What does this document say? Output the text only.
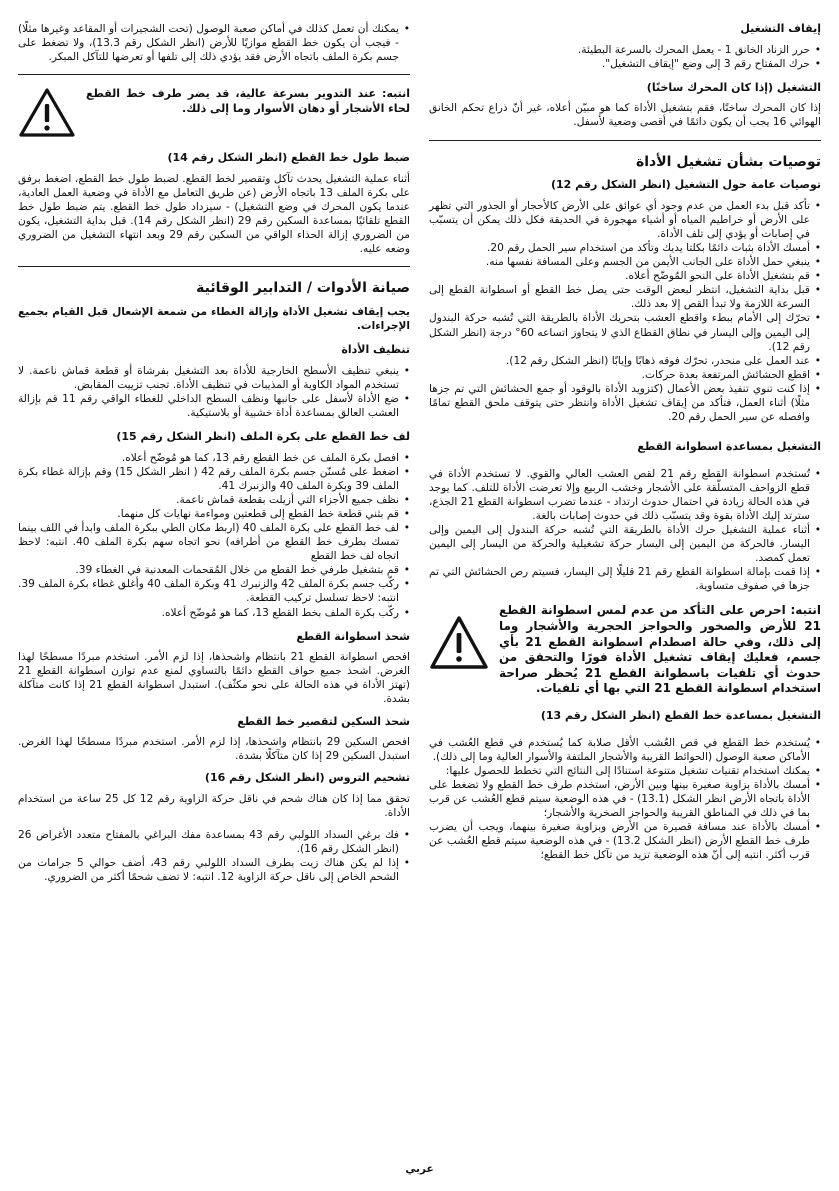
إيقاف التشغيل
• حرر الزناد الخانق 1 - يعمل المحرك بالسرعة البطيئة.
• حرك المفتاح رقم 3 إلى وضع "إيقاف التشغيل".
التشغيل (إذا كان المحرك ساخنًا)

إذا كان المحرك ساخنًا، فقم بتشغيل الأداة كما هو مبيّن أعلاه، غير أنّ ذراع تحكم الخانق الهوائي 16 يجب أن يكون دائمًا في أقصى وضعية لأسفل.

توصيات بشأن تشغيل الأداة
توصيات عامة حول التشغيل (انظر الشكل رقم 12)
• تأكد قبل بدء العمل من عدم وجود أي عوائق على الأرض كالأحجار أو الجذور التي تظهر على الأرض أو خراطيم المياه أو أشياء مهجورة في الحديقة فكل ذلك يمكن أن يتسبّب في إصابات أو يؤدي إلى تلف الأداة.
• أمسك الأداة بثبات دائمًا بكلتا يديك وتأكد من استخدام سير الحمل رقم 20.
• ينبغي حمل الأداة على الجانب الأيمن من الجسم وعلى المسافة نفسها منه.
• قم بتشغيل الأداة على النحو المُوضّح أعلاه.
• قبل بداية التشغيل، انتظر لبعض الوقت حتى يصل خط القطع أو اسطوانة القطع إلى السرعة اللازمة ولا تبدأ القص إلا بعد ذلك.
• تحرّك إلى الأمام ببطء واقطع العشب بتحريك الأداة بالطريقة التي تُشبه حركة البندول إلى اليمين وإلى اليسار في نطاق القطاع الذي لا يتجاوز اتساعه 60° درجة (انظر الشكل رقم 12).
• عند العمل على منحدر، تحرّك فوقه ذهابًا وإيابًا (انظر الشكل رقم 12).
• اقطع الحشائش المرتفعة بعدة حركات.
• إذا كنت تنوي تنفيذ بعض الأعمال (كتزويد الأداة بالوقود أو جمع الحشائش التي تم جزها مثلًا) أثناء العمل، فتأكد من إيقاف تشغيل الأداة وانتظر حتى يتوقف ملحق القطع تمامًا وافصله عن سير الحمل رقم 20.
التشغيل بمساعدة اسطوانة القطع
• تُستخدم اسطوانة القطع رقم 21 لقص العشب العالي والقوي. لا تستخدم الأداة في قطع الزواحف المتسلّقة على الأشجار وخشب الربيع وإلا تعرضت الأداة للتلف. كما يوجد في هذه الحالة زيادة في احتمال حدوث ارتداد - عندما تضرب اسطوانة القطع 21 الجذع، سترتد إليك الأداة بقوة وقد يتسبّب ذلك في حدوث إصابات بالغة.
• أثناء عملية التشغيل حرك الأداة بالطريقة التي تُشبه حركة البندول إلى اليمين وإلى اليسار. فالحركة من اليمين إلى اليسار حركة تشغيلية والحركة من اليسار إلى اليمين تعمل كمصد.
• إذا قمت بإمالة اسطوانة القطع رقم 21 قليلًا إلى اليسار، فسيتم رص الحشائش التي تم جزها في صفوف متساوية.

انتبه: احرص على التأكد من عدم لمس اسطوانة القطع 21 للأرض والصخور والحواجز الحجرية والأشجار وما إلى ذلك، وفي حالة اصطدام اسطوانة القطع 21 بأي جسم، فعليك إيقاف تشغيل الأداة فورًا والتحقق من حدوث أي تلفيات باسطوانة القطع 21 يُحظر صراحة استخدام اسطوانة القطع 21 التي بها أي تلفيات.

التشغيل بمساعدة خط القطع (انظر الشكل رقم 13)
• يُستخدم خط القطع في قص العُشب الأقل صلابة كما يُستخدم في قطع العُشب في الأماكن صعبة الوصول (الحوائط القريبة والأشجار الملتفة والأسوار العالية وما إلى ذلك).
• يمكنك استخدام تقنيات تشغيل متنوعة استنادًا إلى النتائج التي تخطط للحصول عليها:
• أمسك بالأداة بزاوية صغيرة بينها وبين الأرض، استخدم طرف خط القطع ولا تضغط على الأداة باتجاه الأرض انظر الشكل (13.1) - في هذه الوضعية سيتم قطع العُشب عن قرب بما في ذلك في المناطق القريبة والحواجز الصخرية والأشجار؛
• أمسك بالأداة عند مسافة قصيرة من الأرض وبزاوية صغيرة بينهما، ويجب أن يضرب طرف خط القطع الأرض (انظر الشكل 13.2) - في هذه الوضعية سيتم قطع العُشب عن قرب أكثر. انتبه إلى أنّ هذه الوضعية تزيد من تآكل خط القطع؛
• يمكنك أن تعمل كذلك في أماكن صعبة الوصول (تحت الشجيرات أو المقاعد وغيرها مثلًا) - فيجب أن يكون خط القطع موازيًا للأرض (انظر الشكل رقم 13.3)، ولا تضغط على جسم بكرة الملف باتجاه الأرض فقد يؤدي ذلك إلى تلفها أو تعرضها للتآكل المبكر.

انتبه: عند التدوير بسرعة عالية، قد يضر طرف خط القطع لحاء الأشجار أو دهان الأسوار وما إلى ذلك.

ضبط طول خط القطع (انظر الشكل رقم 14)

أثناء عملية التشغيل يحدث تآكل وتقصير لخط القطع. لضبط طول خط القطع، اضغط برفق على بكرة الملف 13 باتجاه الأرض (عن طريق التعامل مع الأداة في وضعية العمل العادية، عندما يكون المحرك في وضع التشغيل) - سيزداد طول خط القطع. يتم ضبط طول خط القطع تلقائيًا بمساعدة السكين رقم 29 (انظر الشكل رقم 14). قبل بداية التشغيل، يكون من الضروري إزالة الحذاء الواقي من السكين رقم 29 وبعد انتهاء التشغيل من الضروري وضعه عليه.

صيانة الأدوات / التدابير الوقائية

يجب إيقاف تشغيل الأداة وإزالة الغطاء من شمعة الإشعال قبل القيام بجميع الإجراءات.

تنظيف الأداة
• ينبغي تنظيف الأسطح الخارجية للأداة بعد التشغيل بفرشاة أو قطعة قماش ناعمة. لا تستخدم المواد الكاوية أو المذيبات في تنظيف الأداة. تجنب تزييت المقابض.
• ضع الأداة لأسفل على جانبها ونظف السطح الداخلي للغطاء الواقي رقم 11 قم بإزالة العشب العالق بمساعدة أداة خشبية أو بلاستيكية.
لف خط القطع على بكرة الملف (انظر الشكل رقم 15)
• افصل بكرة الملف عن خط القطع رقم 13، كما هو مُوضّح أعلاه.
• اضغط على مُسنّن جسم بكرة الملف رقم 42 ( انظر الشكل 15) وقم بإزالة غطاء بكرة الملف 39 وبكرة الملف 40 والزنبرك 41.
• نظف جميع الأجزاء التي أزيلت بقطعة قماش ناعمة.
• قم بثني قطعة خط القطع إلى قطعتين ومواءمة نهايات كل منهما.
• لف خط القطع على بكرة الملف 40 (اربط مكان الطي ببكرة الملف وابدأ في اللف بينما تمسك بطرف خط القطع من أطرافه) نحو اتجاه سهم بكرة الملف 40. انتبه: لاحظ اتجاه لف خط القطع
• قم بتشغيل طرفي خط القطع من خلال المُقحمات المعدنية في الغطاء 39.
• ركّب جسم بكرة الملف 42 والزنبرك 41 وبكرة الملف 40 وأغلق غطاء بكرة الملف 39. انتبه: لاحظ تسلسل تركيب القطعة.
• ركّب بكرة الملف بخط القطع 13، كما هو مُوضّح أعلاه.
شحذ اسطوانة القطع

افحص اسطوانة القطع 21 بانتظام واشحذها، إذا لزم الأمر. استخدم مبردًا مسطحًا لهذا الغرض. اشحذ جميع حواف القطع دائمًا بالتساوي لمنع عدم توازن اسطوانة القطع 21 (تهتز الأداة في هذه الحالة على نحو مكثّف). استبدل اسطوانة القطع 21 إذا كانت متآكلة بشدة.

شحذ السكين لتقصير خط القطع

افحص السكين 29 بانتظام واشحذها، إذا لزم الأمر. استخدم مبردًا مسطحًا لهذا الغرض. استبدل السكين 29 إذا كان متآكلًا بشدة.

تشحيم التروس (انظر الشكل رقم 16)

تحقق مما إذا كان هناك شحم في ناقل حركة الزاوية رقم 12 كل 25 ساعة من استخدام الأداة.

• فك برغي السداد اللولبي رقم 43 بمساعدة مفك البراغي بالمفتاح متعدد الأغراض 26 (انظر الشكل رقم 16).
• إذا لم يكن هناك زيت بطرف السداد اللولبي رقم 43، أضف حوالي 5 جرامات من الشحم الخاص إلى ناقل حركة الزاوية 12. انتبه: لا تضف شحمًا أكثر من الضروري.
عربي
